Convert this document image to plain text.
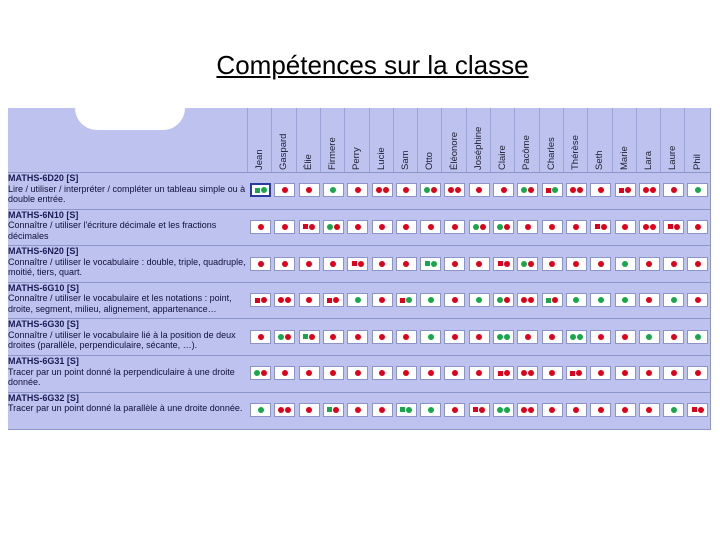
Compétences sur la classe
Jean Gaspard Élie Firmere Perry Lucie Sam Otto Éléonore Joséphine Claire Pacôme Charles Thérèse Seth Marie Lara Laure Phil
MATHS-6D20 [S]
Lire / utiliser / interpréter / compléter un tableau simple ou à double entrée.
MATHS-6N10 [S]
Connaître / utiliser l'écriture décimale et les fractions décimales
MATHS-6N20 [S]
Connaître / utiliser le vocabulaire : double, triple, quadruple, moitié, tiers, quart.
MATHS-6G10 [S]
Connaître / utiliser le vocabulaire et les notations : point, droite, segment, milieu, alignement, appartenance…
MATHS-6G30 [S]
Connaître / utiliser le vocabulaire lié à la position de deux droites (parallèle, perpendiculaire, sécante, …).
MATHS-6G31 [S]
Tracer par un point donné la perpendiculaire à une droite donnée.
MATHS-6G32 [S]
Tracer par un point donné la parallèle à une droite donnée.
